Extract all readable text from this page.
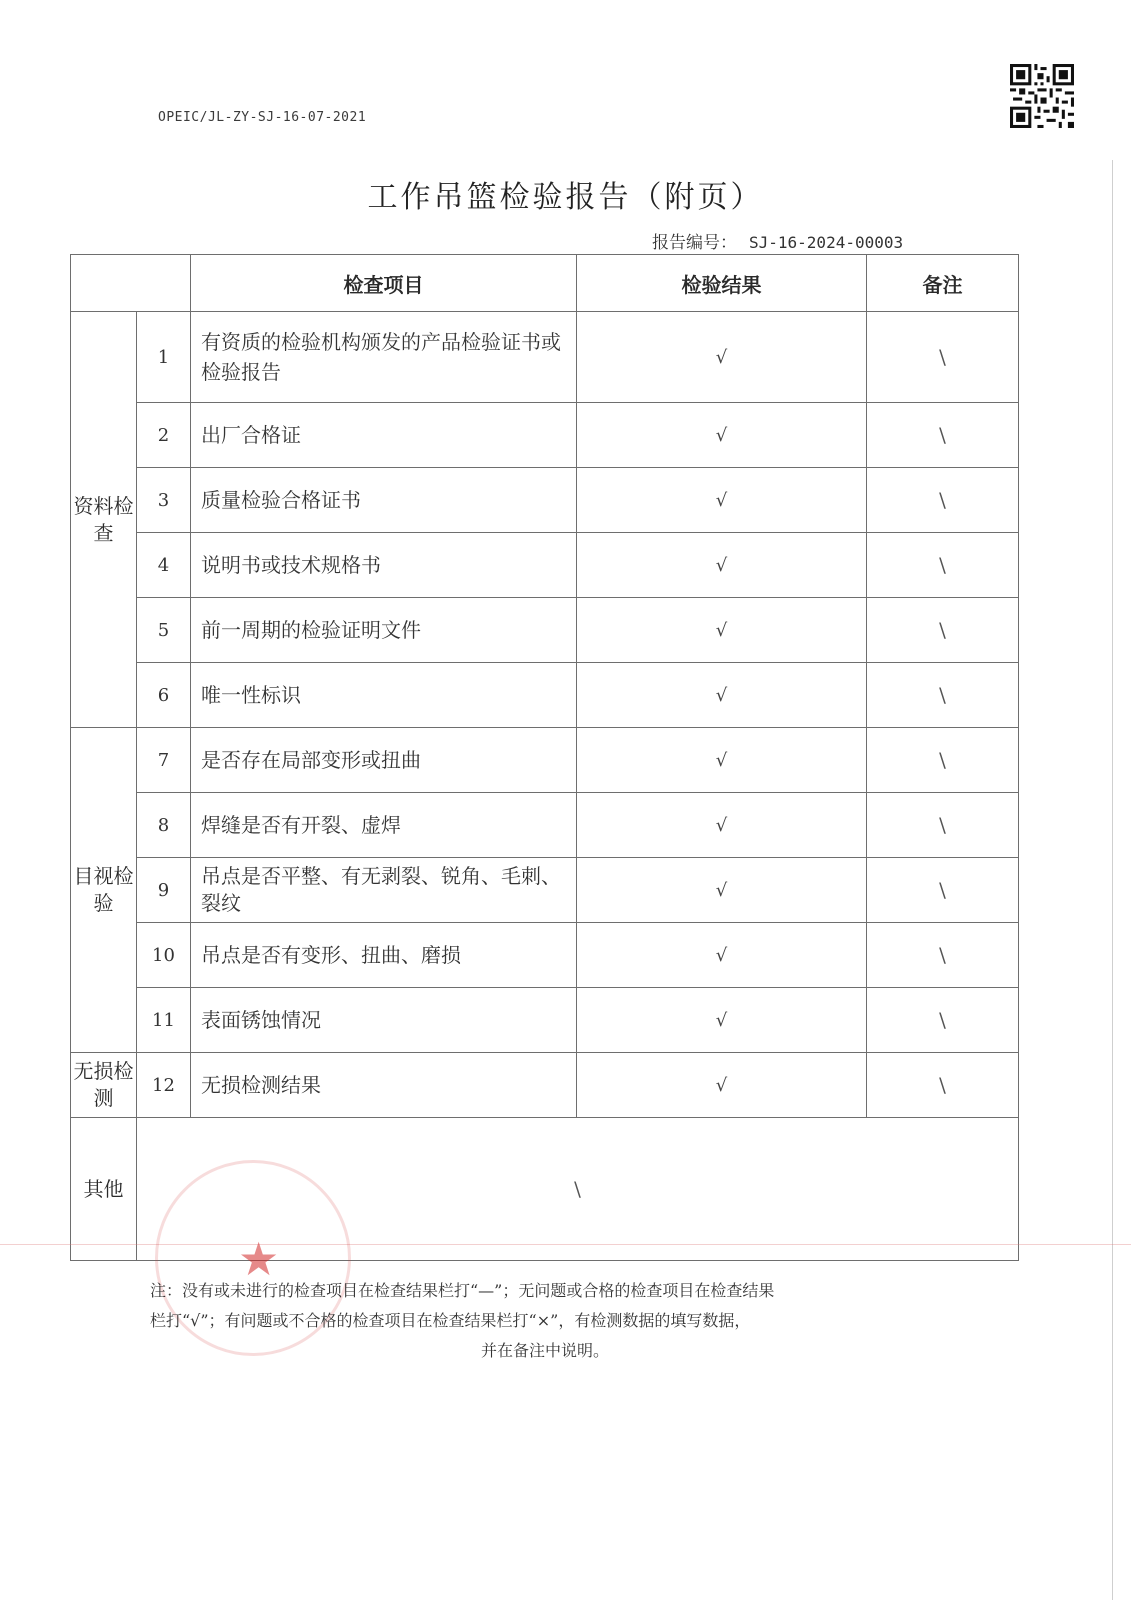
OPEIC/JL-ZY-SJ-16-07-2021
工作吊篮检验报告（附页）
报告编号： SJ-16-2024-00003
		检查项目	检验结果	备注
资料检查	1	有资质的检验机构颁发的产品检验证书或检验报告	√	\
	2	出厂合格证	√	\
	3	质量检验合格证书	√	\
	4	说明书或技术规格书	√	\
	5	前一周期的检验证明文件	√	\
	6	唯一性标识	√	\
目视检验	7	是否存在局部变形或扭曲	√	\
	8	焊缝是否有开裂、虚焊	√	\
	9	吊点是否平整、有无剥裂、锐角、毛刺、裂纹	√	\
	10	吊点是否有变形、扭曲、磨损	√	\
	11	表面锈蚀情况	√	\
无损检测	12	无损检测结果	√	\
其他	\			
★
注：没有或未进行的检查项目在检查结果栏打“—”；无问题或合格的检查项目在检查结果
栏打“√”；有问题或不合格的检查项目在检查结果栏打“×”，有检测数据的填写数据，

并在备注中说明。
